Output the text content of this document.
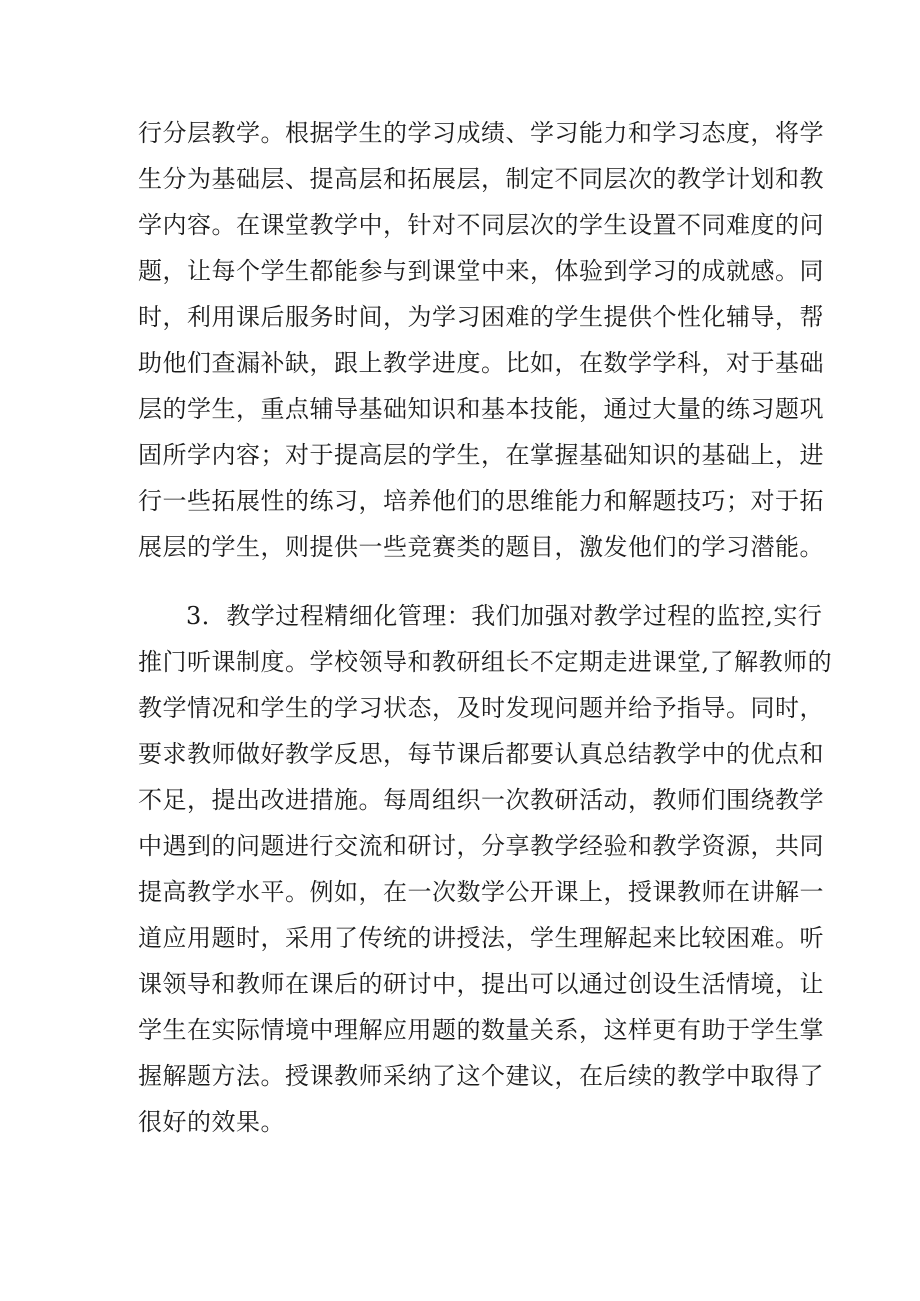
行分层教学。根据学生的学习成绩、学习能力和学习态度，将学
生分为基础层、提高层和拓展层，制定不同层次的教学计划和教
学内容。在课堂教学中，针对不同层次的学生设置不同难度的问
题，让每个学生都能参与到课堂中来，体验到学习的成就感。同
时，利用课后服务时间，为学习困难的学生提供个性化辅导，帮
助他们查漏补缺，跟上教学进度。比如，在数学学科，对于基础
层的学生，重点辅导基础知识和基本技能，通过大量的练习题巩
固所学内容；对于提高层的学生，在掌握基础知识的基础上，进
行一些拓展性的练习，培养他们的思维能力和解题技巧；对于拓
展层的学生，则提供一些竞赛类的题目，激发他们的学习潜能。
3．教学过程精细化管理：我们加强对教学过程的监控,实行
推门听课制度。学校领导和教研组长不定期走进课堂,了解教师的
教学情况和学生的学习状态，及时发现问题并给予指导。同时，
要求教师做好教学反思，每节课后都要认真总结教学中的优点和
不足，提出改进措施。每周组织一次教研活动，教师们围绕教学
中遇到的问题进行交流和研讨，分享教学经验和教学资源，共同
提高教学水平。例如，在一次数学公开课上，授课教师在讲解一
道应用题时，采用了传统的讲授法，学生理解起来比较困难。听
课领导和教师在课后的研讨中，提出可以通过创设生活情境，让
学生在实际情境中理解应用题的数量关系，这样更有助于学生掌
握解题方法。授课教师采纳了这个建议，在后续的教学中取得了
很好的效果。
